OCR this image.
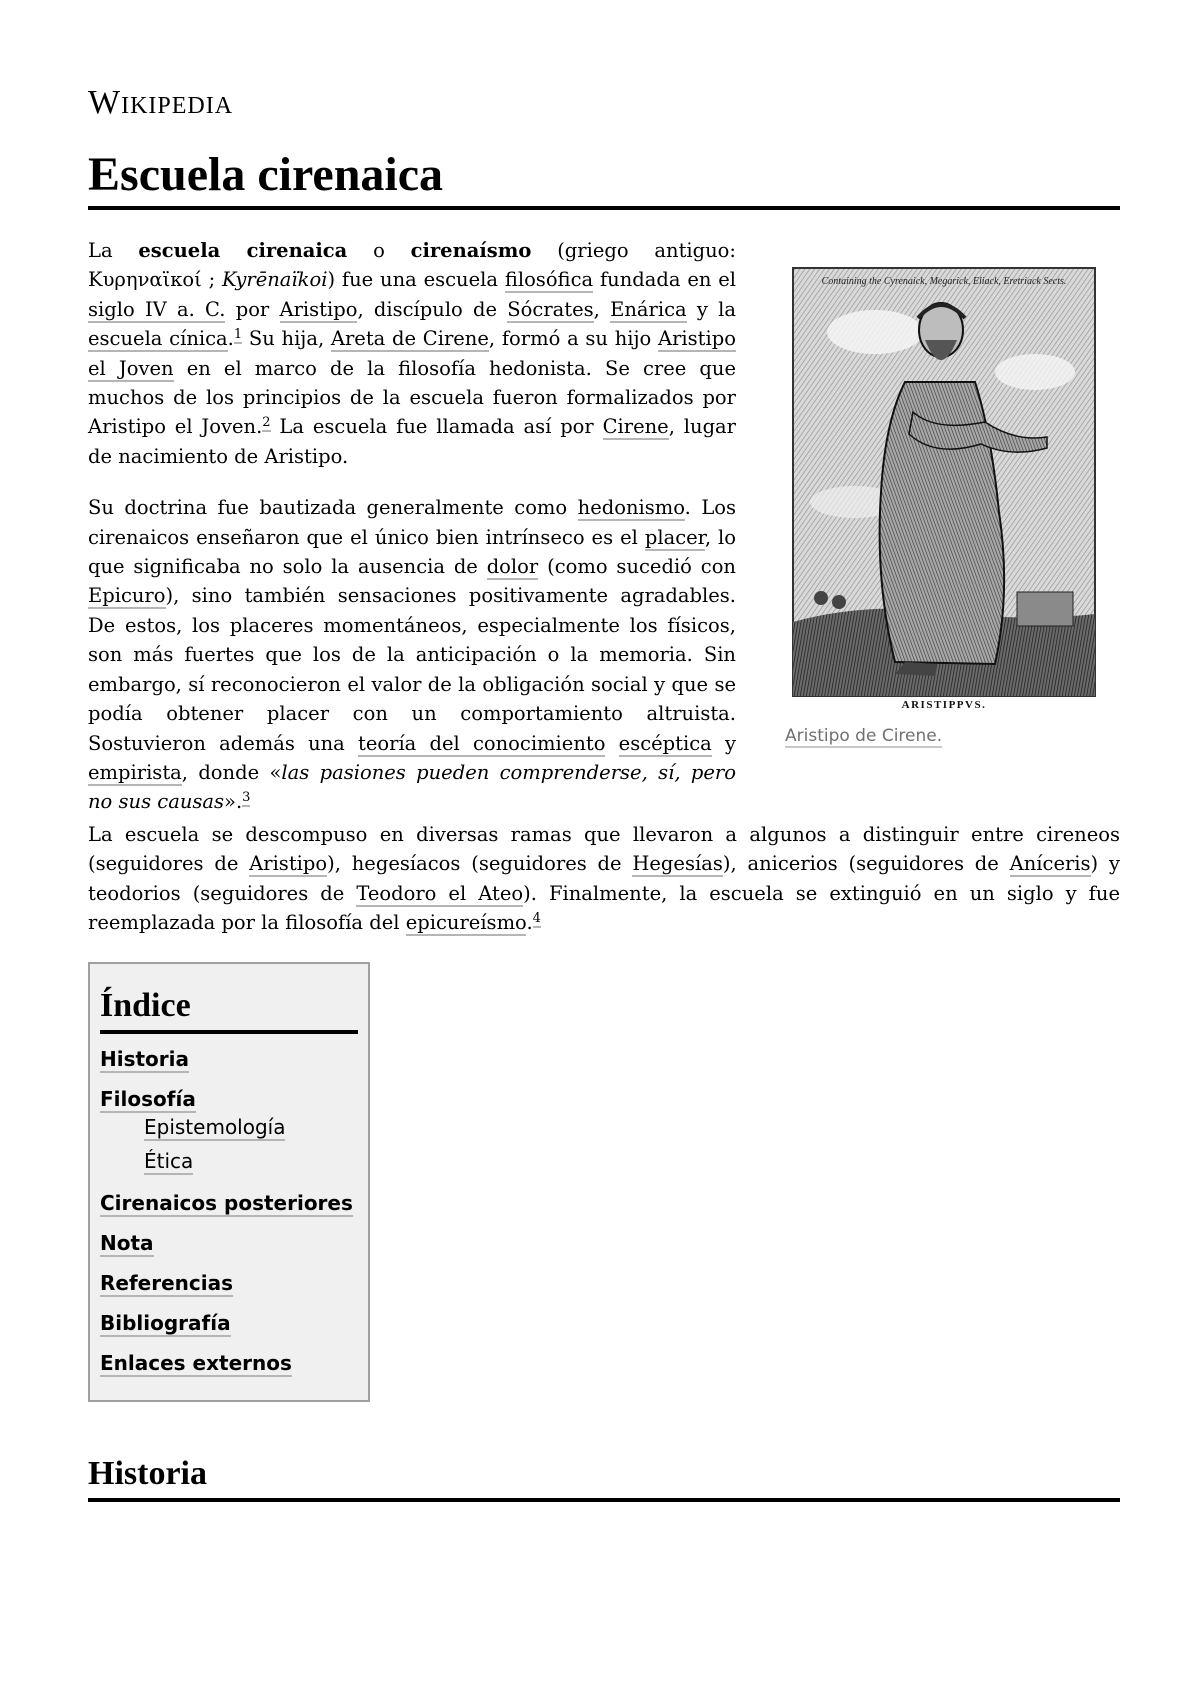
Wikipedia
Escuela cirenaica

La escuela cirenaica o cirenaísmo (griego antiguo: Κυρηναϊκοί ; Kyrēnaïkoi) fue una escuela filosófica fundada en el siglo IV a. C. por Aristipo, discípulo de Sócrates, Enárica y la escuela cínica.$^1$ Su hija, Areta de Cirene, formó a su hijo Aristipo el Joven en el marco de la filosofía hedonista. Se cree que muchos de los principios de la escuela fueron formalizados por Aristipo el Joven.$^2$ La escuela fue llamada así por Cirene, lugar de nacimiento de Aristipo.

Su doctrina fue bautizada generalmente como hedonismo. Los cirenaicos enseñaron que el único bien intrínseco es el placer, lo que significaba no solo la ausencia de dolor (como sucedió con Epicuro), sino también sensaciones positivamente agradables. De estos, los placeres momentáneos, especialmente los físicos, son más fuertes que los de la anticipación o la memoria. Sin embargo, sí reconocieron el valor de la obligación social y que se podía obtener placer con un comportamiento altruista. Sostuvieron además una teoría del conocimiento escéptica y empirista, donde «las pasiones pueden comprenderse, sí, pero no sus causas».$^3$

Containing the Cyrenaick, Megarick, Eliack, Eretriack Sects.
ARISTIPPVS.
Aristipo de Cirene.

La escuela se descompuso en diversas ramas que llevaron a algunos a distinguir entre cireneos (seguidores de Aristipo), hegesíacos (seguidores de Hegesías), anicerios (seguidores de Aníceris) y teodorios (seguidores de Teodoro el Ateo). Finalmente, la escuela se extinguió en un siglo y fue reemplazada por la filosofía del epicureísmo.$^4$

Índice
Historia
Filosofía
Epistemología
Ética
Cirenaicos posteriores
Nota
Referencias
Bibliografía
Enlaces externos
Historia
